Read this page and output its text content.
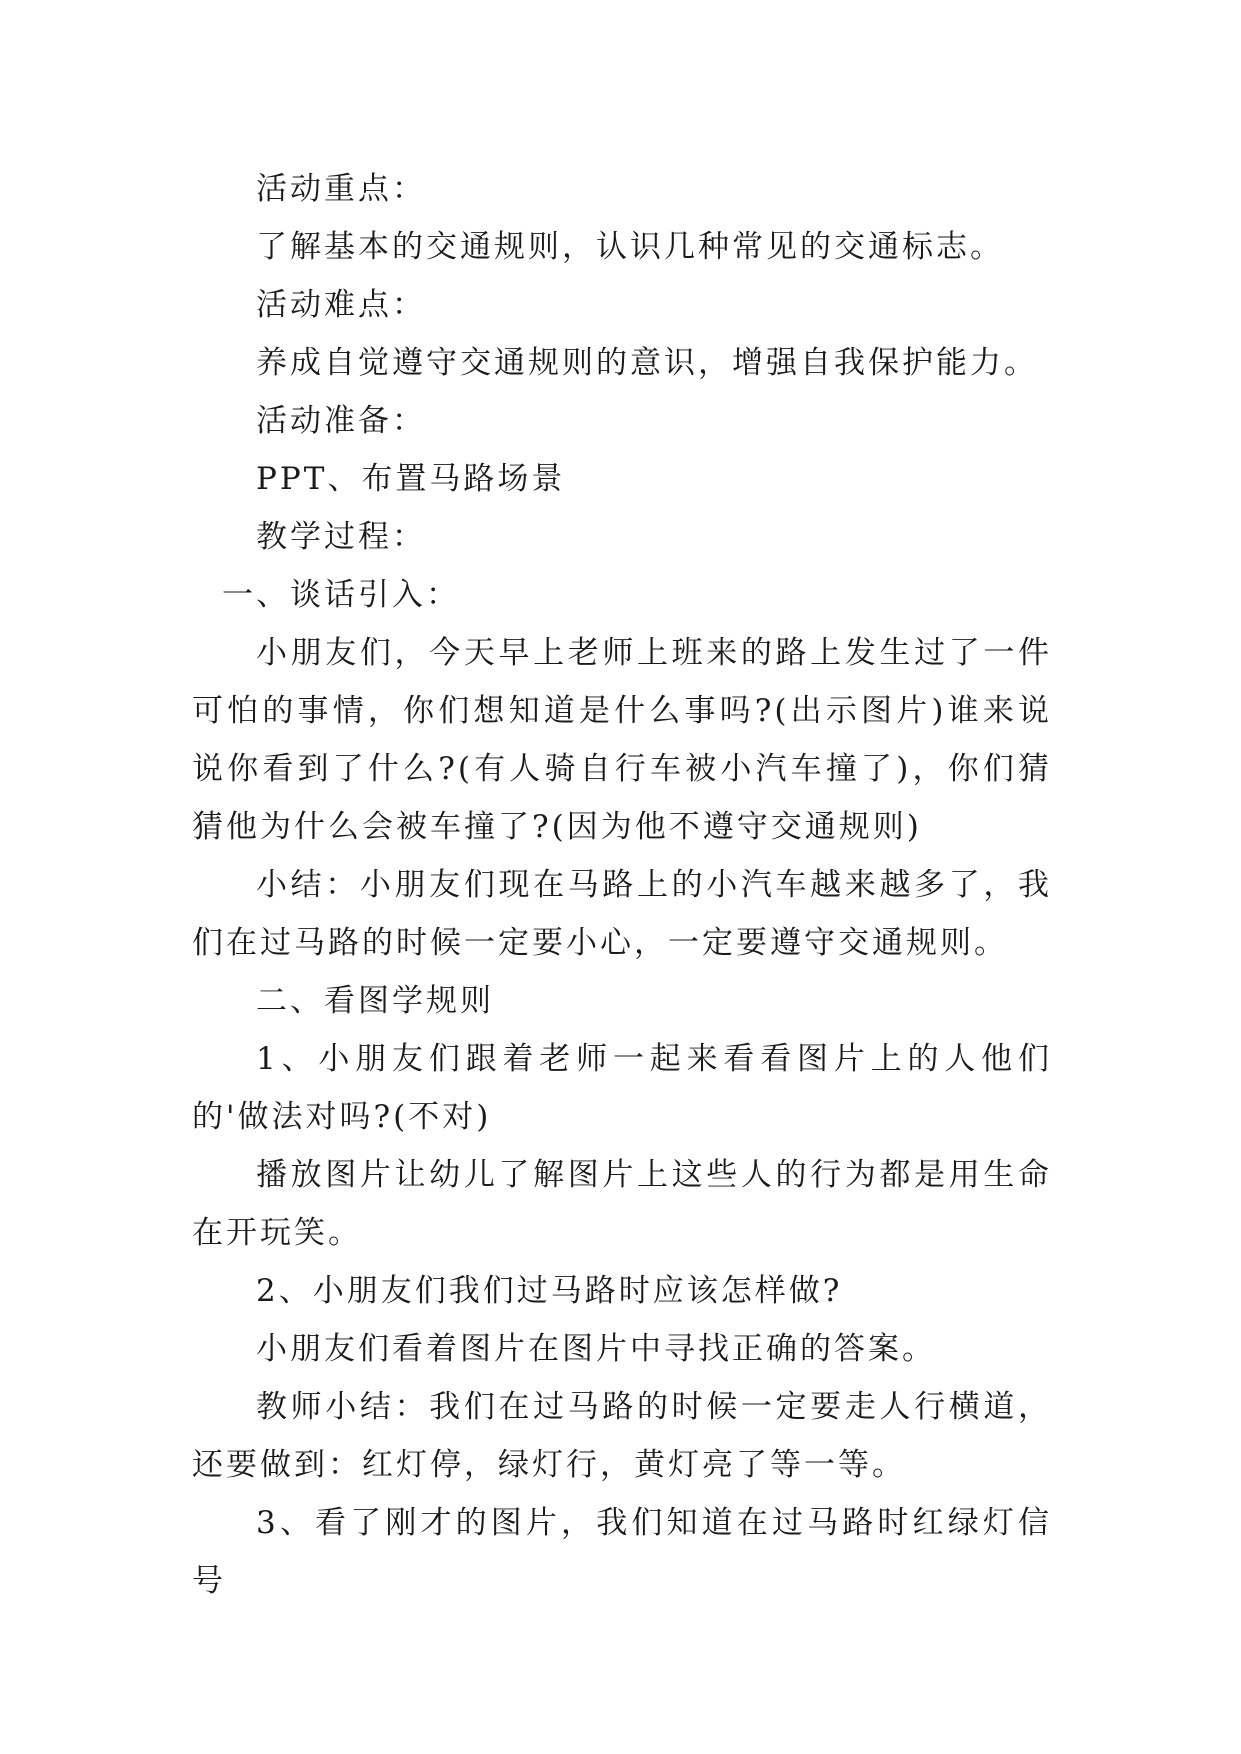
活动重点：

了解基本的交通规则，认识几种常见的交通标志。

活动难点：

养成自觉遵守交通规则的意识，增强自我保护能力。

活动准备：

PPT、布置马路场景

教学过程：

一、谈话引入：

小朋友们，今天早上老师上班来的路上发生过了一件可怕的事情，你们想知道是什么事吗?(出示图片)谁来说说你看到了什么?(有人骑自行车被小汽车撞了)，你们猜猜他为什么会被车撞了?(因为他不遵守交通规则)

小结：小朋友们现在马路上的小汽车越来越多了，我们在过马路的时候一定要小心，一定要遵守交通规则。

二、看图学规则

1、小朋友们跟着老师一起来看看图片上的人他们的'做法对吗?(不对)

播放图片让幼儿了解图片上这些人的行为都是用生命在开玩笑。

2、小朋友们我们过马路时应该怎样做?

小朋友们看着图片在图片中寻找正确的答案。

教师小结：我们在过马路的时候一定要走人行横道，还要做到：红灯停，绿灯行，黄灯亮了等一等。

3、看了刚才的图片，我们知道在过马路时红绿灯信号
